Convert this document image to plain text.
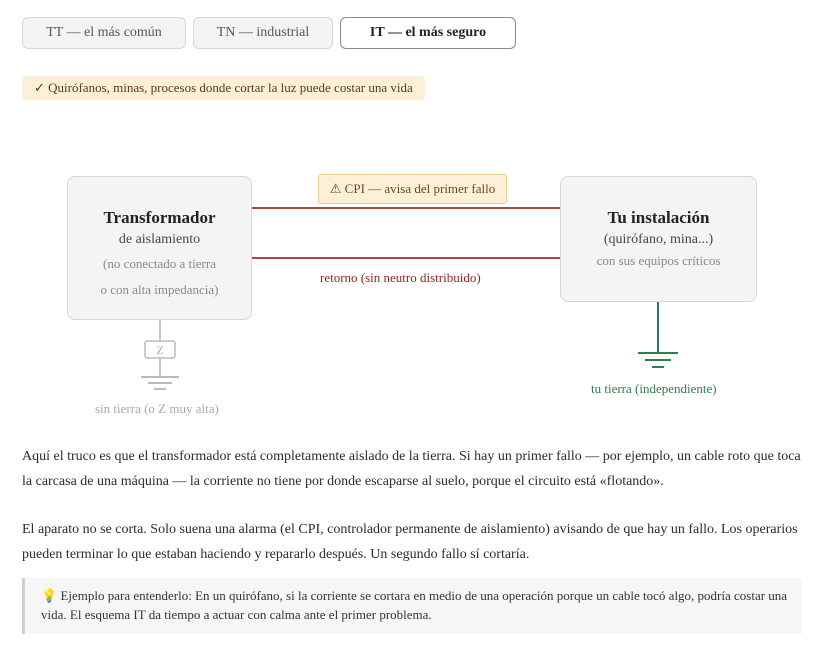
TT — el más común	TN — industrial	IT — el más seguro
✓ Quirófanos, minas, procesos donde cortar la luz puede costar una vida
Transformador
de aislamiento
(no conectado a tierra
o con alta impedancia)
Tu instalación
(quirófano, mina...)
con sus equipos críticos
⚠ CPI — avisa del primer fallo
retorno (sin neutro distribuido)
Z
sin tierra (o Z muy alta)
tu tierra (independiente)

Aquí el truco es que el transformador está completamente aislado de la tierra. Si hay un primer fallo — por ejemplo, un cable roto que toca la carcasa de una máquina — la corriente no tiene por donde escaparse al suelo, porque el circuito está «flotando».

El aparato no se corta. Solo suena una alarma (el CPI, controlador permanente de aislamiento) avisando de que hay un fallo. Los operarios pueden terminar lo que estaban haciendo y repararlo después. Un segundo fallo sí cortaría.

💡 Ejemplo para entenderlo: En un quirófano, si la corriente se cortara en medio de una operación porque un cable tocó algo, podría costar una vida. El esquema IT da tiempo a actuar con calma ante el primer problema.
